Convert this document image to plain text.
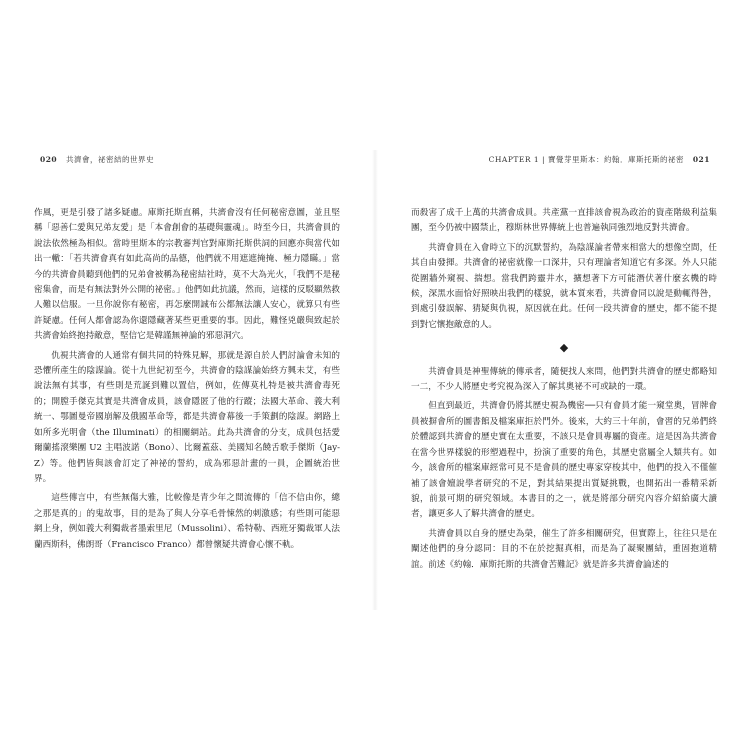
020 共濟會，祕密結的世界史

作風，更是引發了諸多疑慮。庫斯托斯直稱，共濟會沒有任何秘密意圖，並且堅稱「惡善仁愛與兄弟友愛」是「本會創會的基礎與靈魂」。時至今日，共濟會員的說法依然極為相似。當時里斯本的宗教審判官對庫斯托斯供詞的回應亦與當代如出一轍：「若共濟會真有如此高尚的品德，他們就不用遮遮掩掩、極力隱瞞。」當今的共濟會員聽到他們的兄弟會被稱為秘密結社時，莫不大為光火，「我們不是秘密集會，而是有無法對外公開的祕密。」他們如此抗議，然而，這樣的反駁顯然救人難以信服。一旦你說你有秘密，再怎麼開誠布公都無法讓人安心，就算只有些許疑慮。任何人都會認為你還隱藏著某些更重要的事。因此，難怪兇嚴與致起於共濟會始終抱持敵意，堅信它是韓謹無神論的邪惡洞穴。

仇視共濟會的人通常有個共同的特殊見解，那就是源自於人們討論會未知的恐懼所產生的陰謀論。從十九世紀初至今，共濟會的陰謀論始終方興未艾，有些說法無有其事，有些則是荒誕到難以置信，例如，佐傳莫札特是被共濟會毒死的；開膛手傑克其實是共濟會成員，該會隱匿了他的行蹤；法國大革命、義大利統一、鄂圖曼帝國崩解及俄國革命等，都是共濟會幕後一手策劃的陰謀。網路上如所多光明會（the Illuminati）的相關網站。此為共濟會的分支，成員包括愛爾蘭搖滾樂團 U2 主唱波諾（Bono）、比爾蓋茲、美國知名饒舌歌手傑斯（Jay-Z）等。他們皆與該會訂定了神祕的誓約，成為邪惡計畫的一員，企圖統治世界。

這些傳言中，有些無傷大雅，比較像是青少年之間流傳的「信不信由你，總之那是真的」的鬼故事，目的是為了與人分享毛骨悚然的刺激感；有些則可能惡網上身，例如義大利獨裁者墨索里尼（Mussolini）、希特勒、西班牙獨裁軍人法蘭西斯科，佛朗哥（Francisco Franco）都曾懷疑共濟會心懷不軌。

CHAPTER 1 | 寶覺芽里斯本：約翰．庫斯托斯的祕密 021

而殺害了成千上萬的共濟會成員。共產黨一直排該會視為政治的資產階級利益集團，至今仍被中國禁止，穆斯林世界傳統上也普遍執同強烈地反對共濟會。

共濟會員在入會時立下的沉默誓約，為陰謀論者帶來相當大的想像空間，任其自由發揮。共濟會的祕密就像一口深井，只有理論者知道它有多深。外人只能從圍牆外窺視、揣想。當我們跨靈井水，擴想著下方可能潛伏著什麼玄機的時候，深黑水面恰好照映出我們的樣貌，就本質來看，共濟會同以說是動輒得咎，到處引發誤解、猜疑與仇視，原因就在此。任何一段共濟會的歷史，都不能不提到對它懷抱敵意的人。

◆

共濟會員是神聖傳統的傳承者，隨便找人來問，他們對共濟會的歷史都略知一二，不少人將歷史考究視為深入了解其奧祕不可或缺的一環。

但直到最近，共濟會仍將其歷史視為機密──只有會員才能一窺堂奧，冒牌會員被摒會所的圖書館及檔案庫拒於門外。後來，大約三十年前，會習的兄弟們終於體認到共濟會的歷史實在太重要，不該只是會員專屬的資產。這是因為共濟會在當今世界樣貌的形塑過程中，扮演了重要的角色，其歷史當屬全人類共有。如今，該會所的檔案庫經常可見不是會員的歷史專家穿梭其中，他們的投入不僅催補了該會嬗說學者研究的不足，對其結果提出質疑挑戰，也開拓出一番精采新貌，前景可期的研究領域。本書目的之一，就是將部分研究內容介紹給廣大讀者，讓更多人了解共濟會的歷史。

共濟會員以自身的歷史為榮，催生了許多相關研究，但實際上，往往只是在闡述他們的身分認同：目的不在於挖掘真相，而是為了凝聚團結，重固抱道精誼。前述《約翰．庫斯托斯的共濟會苦難記》就是許多共濟會論述的
